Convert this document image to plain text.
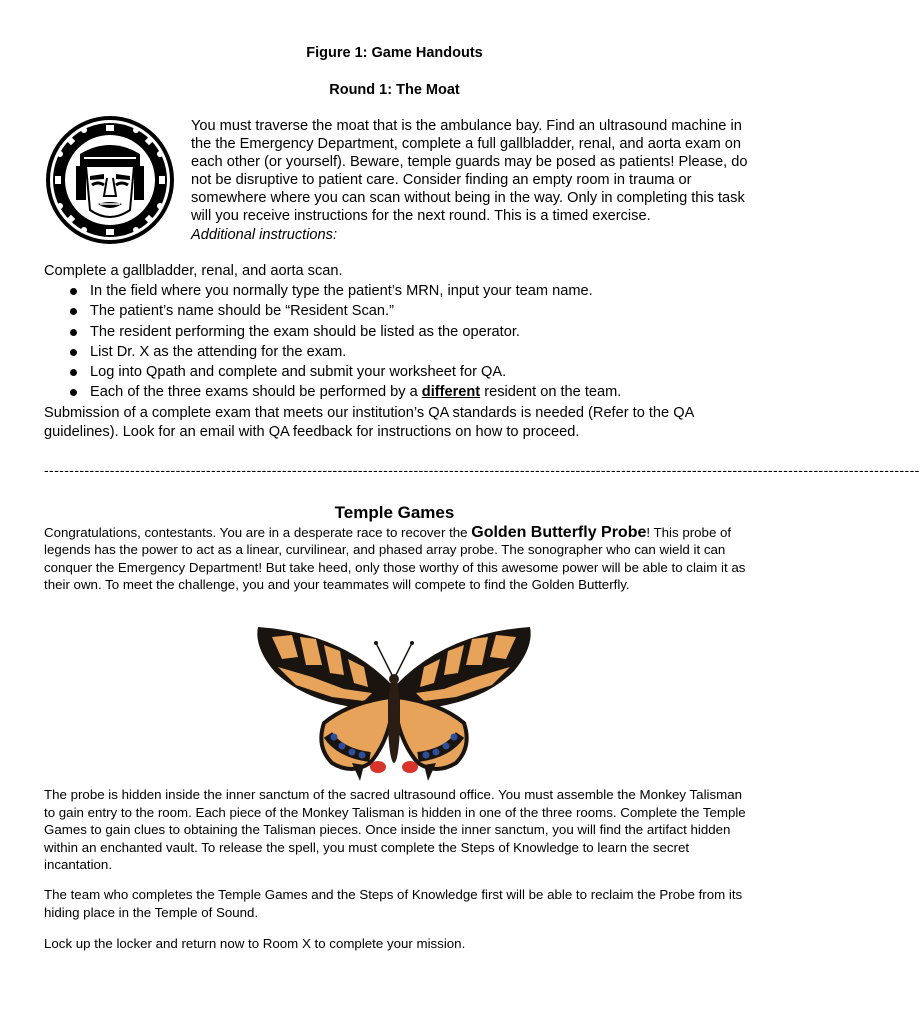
Figure 1: Game Handouts
Round 1: The Moat
You must traverse the moat that is the ambulance bay. Find an ultrasound machine in the the Emergency Department, complete a full gallbladder, renal, and aorta exam on each other (or yourself). Beware, temple guards may be posed as patients! Please, do not be disruptive to patient care. Consider finding an empty room in trauma or somewhere where you can scan without being in the way. Only in completing this task will you receive instructions for the next round. This is a timed exercise.
Additional instructions:
Complete a gallbladder, renal, and aorta scan.
In the field where you normally type the patient’s MRN, input your team name.
The patient’s name should be “Resident Scan.”
The resident performing the exam should be listed as the operator.
List Dr. X as the attending for the exam.
Log into Qpath and complete and submit your worksheet for QA.
Each of the three exams should be performed by a different resident on the team.
Submission of a complete exam that meets our institution’s QA standards is needed (Refer to the QA guidelines). Look for an email with QA feedback for instructions on how to proceed.
-----------------------------------------------------------------------------------------------------------------------------------------------------------------------------
Temple Games
Congratulations, contestants. You are in a desperate race to recover the Golden Butterfly Probe! This probe of legends has the power to act as a linear, curvilinear, and phased array probe. The sonographer who can wield it can conquer the Emergency Department! But take heed, only those worthy of this awesome power will be able to claim it as their own. To meet the challenge, you and your teammates will compete to find the Golden Butterfly.
The probe is hidden inside the inner sanctum of the sacred ultrasound office. You must assemble the Monkey Talisman to gain entry to the room. Each piece of the Monkey Talisman is hidden in one of the three rooms. Complete the Temple Games to gain clues to obtaining the Talisman pieces. Once inside the inner sanctum, you will find the artifact hidden within an enchanted vault. To release the spell, you must complete the Steps of Knowledge to learn the secret incantation.
The team who completes the Temple Games and the Steps of Knowledge first will be able to reclaim the Probe from its hiding place in the Temple of Sound.
Lock up the locker and return now to Room X to complete your mission.
